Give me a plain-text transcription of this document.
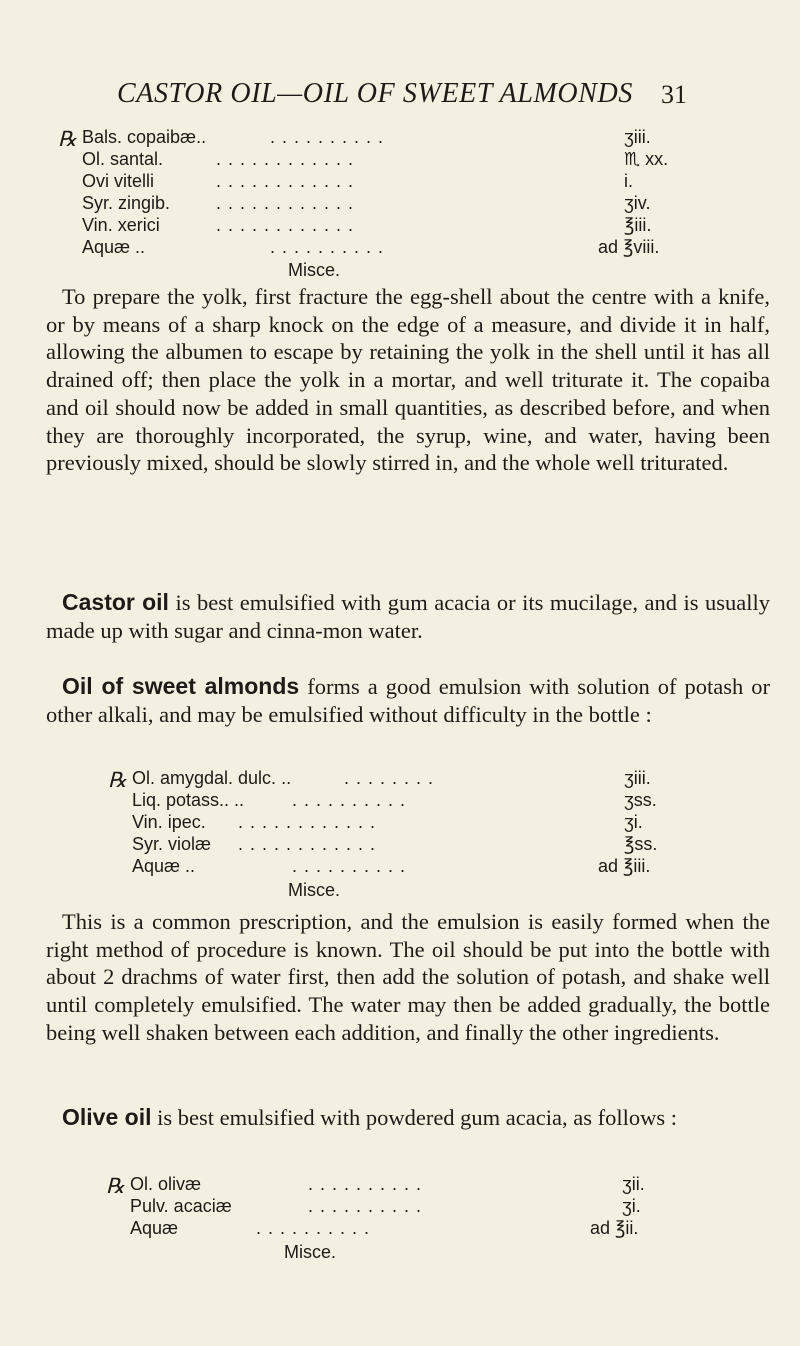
CASTOR OIL—OIL OF SWEET ALMONDS 31
℞ Bals. copaibæ..	. . . . . . . . . .	ʒiii.
Ol. santal.	. . . . . . . . . . . .	♏ xx.
Ovi vitelli	. . . . . . . . . . . .	i.
Syr. zingib.	. . . . . . . . . . . .	ʒiv.
Vin. xerici	. . . . . . . . . . . .	℥iii.
Aquæ ..	. . . . . . . . . .	ad ℥viii.
Misce.
To prepare the yolk, first fracture the egg-shell about the centre with a knife, or by means of a sharp knock on the edge of a measure, and divide it in half, allowing the albumen to escape by retaining the yolk in the shell until it has all drained off; then place the yolk in a mortar, and well triturate it. The copaiba and oil should now be added in small quantities, as described before, and when they are thoroughly incorporated, the syrup, wine, and water, having been previously mixed, should be slowly stirred in, and the whole well triturated.
Castor oil is best emulsified with gum acacia or its mucilage, and is usually made up with sugar and cinna-mon water.
Oil of sweet almonds forms a good emulsion with solution of potash or other alkali, and may be emulsified without difficulty in the bottle :
℞ Ol. amygdal. dulc. ..	. . . . . . . .	ʒiii.
Liq. potass.. ..	. . . . . . . . . .	ʒss.
Vin. ipec. . . . . . . . . . . . .	ʒi.
Syr. violæ . . . . . . . . . . . .	℥ss.
Aquæ ..	. . . . . . . . . .	ad ℥iii.
Misce.
This is a common prescription, and the emulsion is easily formed when the right method of procedure is known. The oil should be put into the bottle with about 2 drachms of water first, then add the solution of potash, and shake well until completely emulsified. The water may then be added gradually, the bottle being well shaken between each addition, and finally the other ingredients.
Olive oil is best emulsified with powdered gum acacia, as follows :
℞ Ol. olivæ	. . . . . . . . . .	ʒii.
Pulv. acaciæ	. . . . . . . . . .	ʒi.
Aquæ	. . . . . . . . . .	ad ℥ii.
Misce.
